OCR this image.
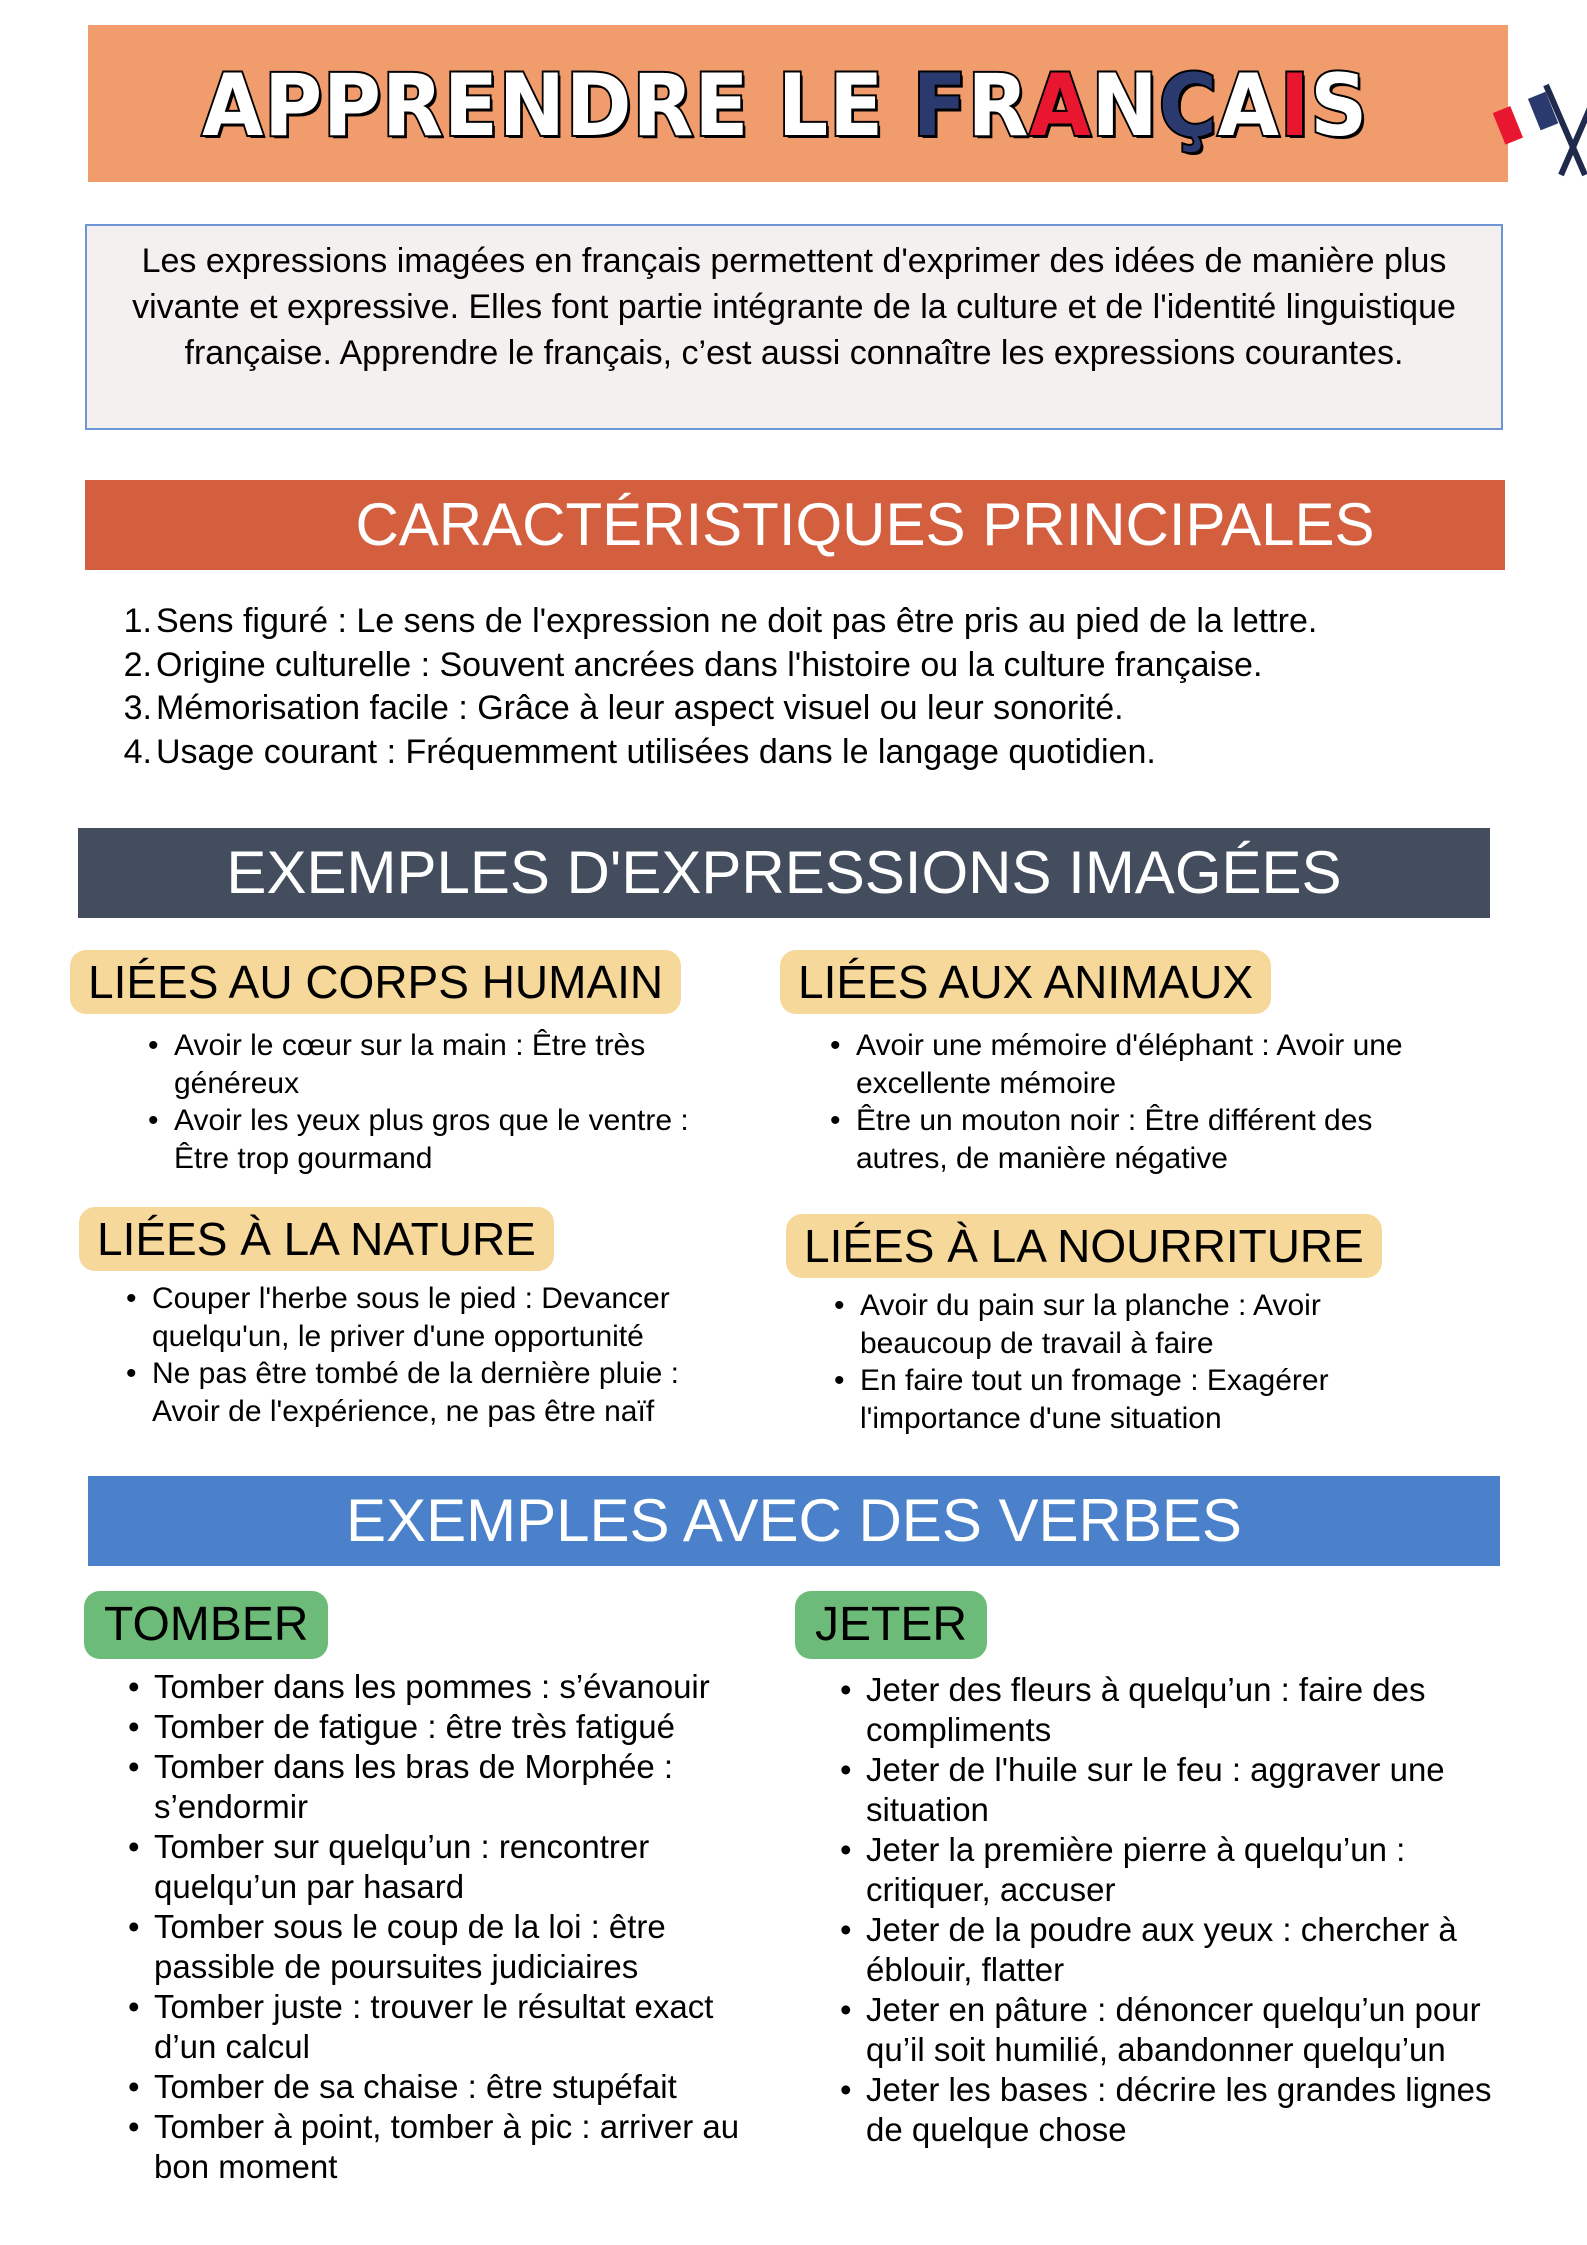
APPRENDRE LE FRANÇAIS
Les expressions imagées en français permettent d'exprimer des idées de manière plus vivante et expressive. Elles font partie intégrante de la culture et de l'identité linguistique française. Apprendre le français, c’est aussi connaître les expressions courantes.
CARACTÉRISTIQUES PRINCIPALES
1. Sens figuré : Le sens de l'expression ne doit pas être pris au pied de la lettre.
2. Origine culturelle : Souvent ancrées dans l'histoire ou la culture française.
3. Mémorisation facile : Grâce à leur aspect visuel ou leur sonorité.
4. Usage courant : Fréquemment utilisées dans le langage quotidien.
EXEMPLES D'EXPRESSIONS IMAGÉES
LIÉES AU CORPS HUMAIN
• Avoir le cœur sur la main : Être très généreux
• Avoir les yeux plus gros que le ventre : Être trop gourmand
LIÉES AUX ANIMAUX
• Avoir une mémoire d'éléphant : Avoir une excellente mémoire
• Être un mouton noir : Être différent des autres, de manière négative
LIÉES À LA NATURE
• Couper l'herbe sous le pied : Devancer quelqu'un, le priver d'une opportunité
• Ne pas être tombé de la dernière pluie : Avoir de l'expérience, ne pas être naïf
LIÉES À LA NOURRITURE
• Avoir du pain sur la planche : Avoir beaucoup de travail à faire
• En faire tout un fromage : Exagérer l'importance d'une situation
EXEMPLES AVEC DES VERBES
TOMBER
• Tomber dans les pommes : s’évanouir
• Tomber de fatigue : être très fatigué
• Tomber dans les bras de Morphée : s’endormir
• Tomber sur quelqu’un : rencontrer quelqu’un par hasard
• Tomber sous le coup de la loi : être passible de poursuites judiciaires
• Tomber juste : trouver le résultat exact d’un calcul
• Tomber de sa chaise : être stupéfait
• Tomber à point, tomber à pic : arriver au bon moment
JETER
• Jeter des fleurs à quelqu’un : faire des compliments
• Jeter de l'huile sur le feu : aggraver une situation
• Jeter la première pierre à quelqu’un : critiquer, accuser
• Jeter de la poudre aux yeux : chercher à éblouir, flatter
• Jeter en pâture : dénoncer quelqu’un pour qu’il soit humilié, abandonner quelqu’un
• Jeter les bases : décrire les grandes lignes de quelque chose
